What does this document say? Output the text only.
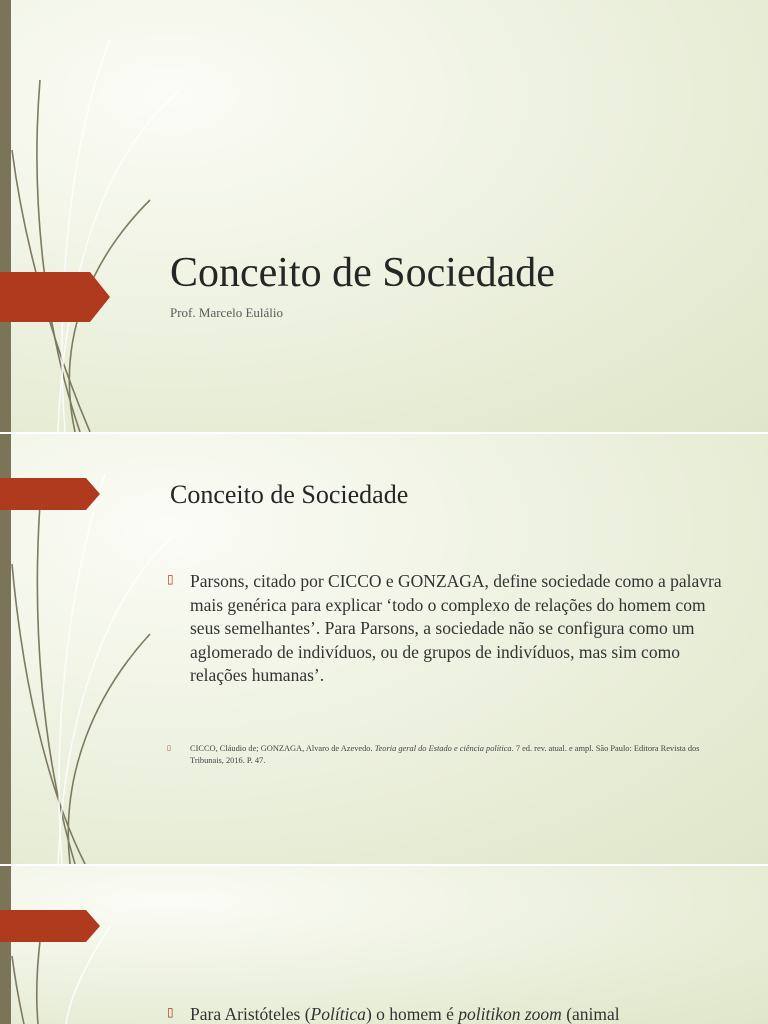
Conceito de Sociedade

Prof. Marcelo Eulálio

Conceito de Sociedade
▯ Parsons, citado por CICCO e GONZAGA, define sociedade como a palavra mais genérica para explicar ‘todo o complexo de relações do homem com seus semelhantes’. Para Parsons, a sociedade não se configura como um aglomerado de indivíduos, ou de grupos de indivíduos, mas sim como relações humanas’.
▯ CICCO, Cláudio de; GONZAGA, Alvaro de Azevedo. Teoria geral do Estado e ciência política. 7 ed. rev. atual. e ampl. São Paulo: Editora Revista dos Tribunais, 2016. P. 47.
▯ Para Aristóteles (Política) o homem é politikon zoom (animal
